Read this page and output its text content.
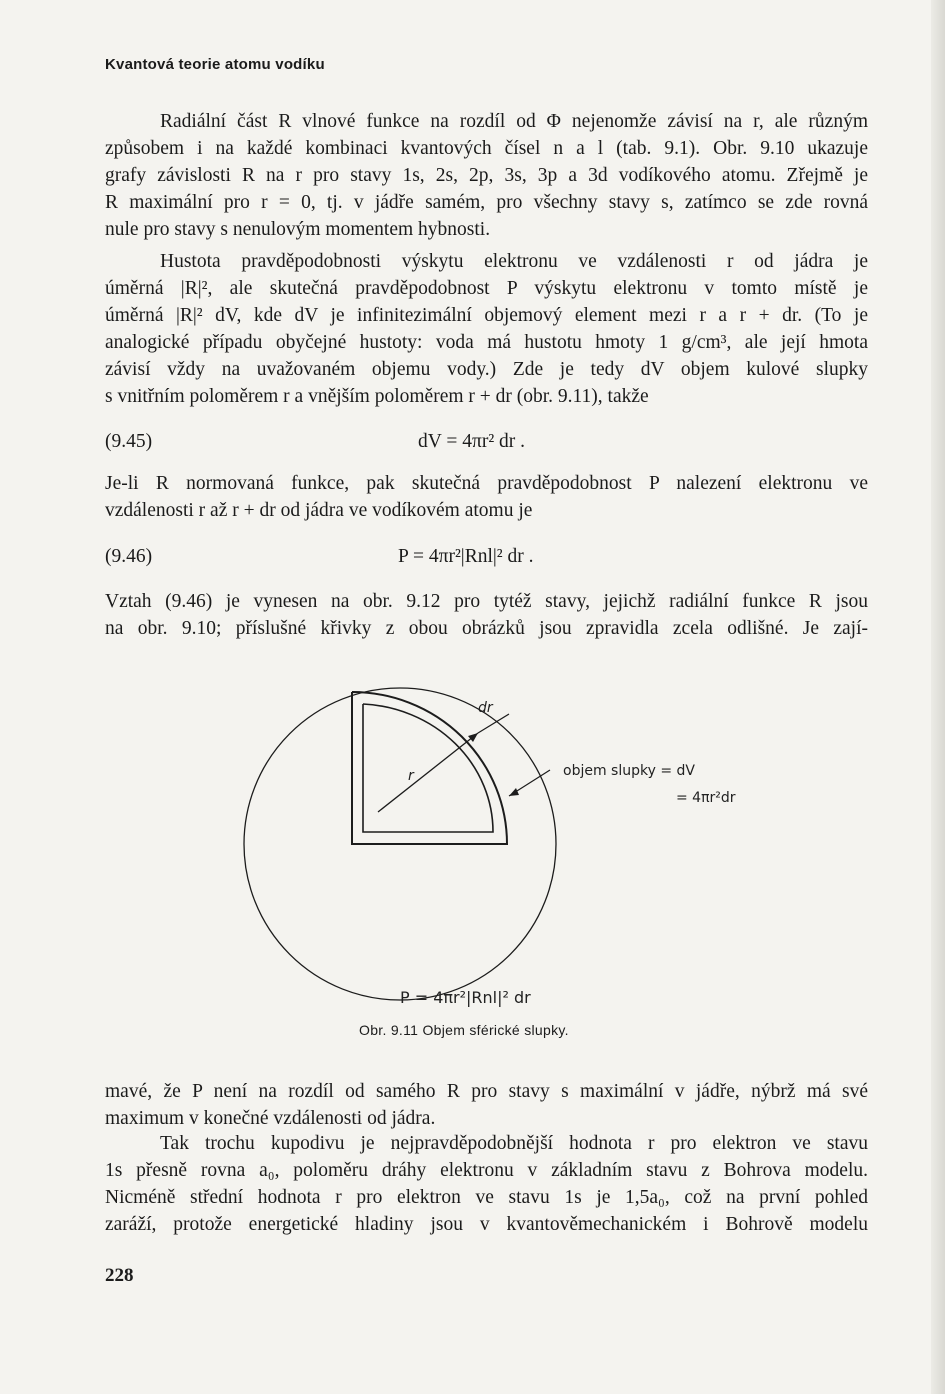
Kvantová teorie atomu vodíku
Radiální část R vlnové funkce na rozdíl od Φ nejenomže závisí na r, ale různým
způsobem i na každé kombinaci kvantových čísel n a l (tab. 9.1). Obr. 9.10 ukazuje
grafy závislosti R na r pro stavy 1s, 2s, 2p, 3s, 3p a 3d vodíkového atomu. Zřejmě je
R maximální pro r = 0, tj. v jádře samém, pro všechny stavy s, zatímco se zde rovná
nule pro stavy s nenulovým momentem hybnosti.
Hustota pravděpodobnosti výskytu elektronu ve vzdálenosti r od jádra je
úměrná |R|², ale skutečná pravděpodobnost P výskytu elektronu v tomto místě je
úměrná |R|² dV, kde dV je infinitezimální objemový element mezi r a r + dr. (To je
analogické případu obyčejné hustoty: voda má hustotu hmoty 1 g/cm³, ale její hmota
závisí vždy na uvažovaném objemu vody.) Zde je tedy dV objem kulové slupky
s vnitřním poloměrem r a vnějším poloměrem r + dr (obr. 9.11), takže
(9.45)	dV = 4πr² dr .
Je-li R normovaná funkce, pak skutečná pravděpodobnost P nalezení elektronu ve
vzdálenosti r až r + dr od jádra ve vodíkovém atomu je
(9.46)	P = 4πr²|Rnl|² dr .
Vztah (9.46) je vynesen na obr. 9.12 pro tytéž stavy, jejichž radiální funkce R jsou
na obr. 9.10; příslušné křivky z obou obrázků jsou zpravidla zcela odlišné. Je zají-
dr
r	objem slupky = dV
= 4πr²dr
P = 4πr²|Rnl|² dr
Obr. 9.11 Objem sférické slupky.
mavé, že P není na rozdíl od samého R pro stavy s maximální v jádře, nýbrž má své
maximum v konečné vzdálenosti od jádra.
Tak trochu kupodivu je nejpravděpodobnější hodnota r pro elektron ve stavu
1s přesně rovna a₀, poloměru dráhy elektronu v základním stavu z Bohrova modelu.
Nicméně střední hodnota r pro elektron ve stavu 1s je 1,5a₀, což na první pohled
zaráží, protože energetické hladiny jsou v kvantověmechanickém i Bohrově modelu
228
